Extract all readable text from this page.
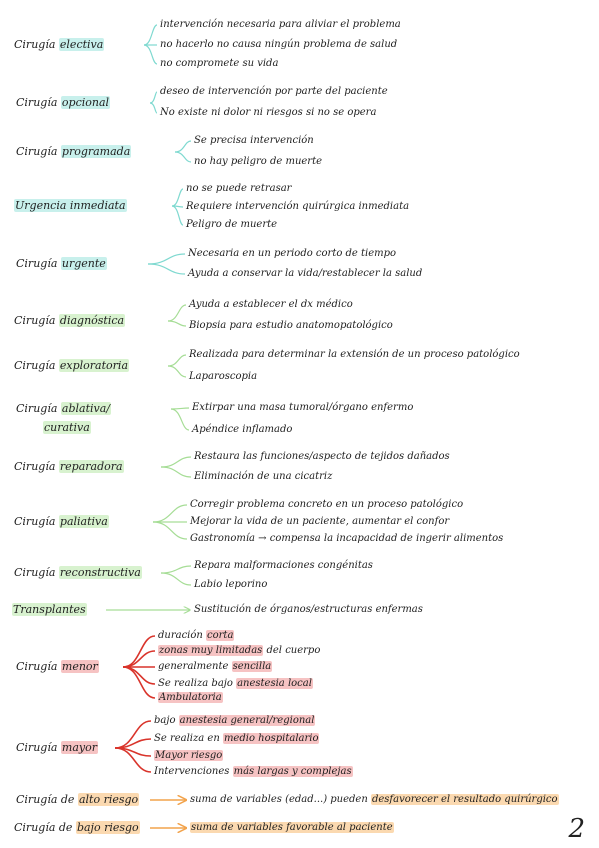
Cirugía electiva
intervención necesaria para aliviar el problema
no hacerlo no causa ningún problema de salud
no compromete su vida
Cirugía opcional
deseo de intervención por parte del paciente
No existe ni dolor ni riesgos si no se opera
Cirugía programada
Se precisa intervención
no hay peligro de muerte
Urgencia inmediata
no se puede retrasar
Requiere intervención quirúrgica inmediata
Peligro de muerte
Cirugía urgente
Necesaria en un periodo corto de tiempo
Ayuda a conservar la vida/restablecer la salud
Cirugía diagnóstica
Ayuda a establecer el dx médico
Biopsia para estudio anatomopatológico
Cirugía exploratoria
Realizada para determinar la extensión de un proceso patológico
Laparoscopia
Cirugía ablativa/
curativa
Extirpar una masa tumoral/órgano enfermo
Apéndice inflamado
Cirugía reparadora
Restaura las funciones/aspecto de tejidos dañados
Eliminación de una cicatriz
Cirugía paliativa
Corregir problema concreto en un proceso patológico
Mejorar la vida de un paciente, aumentar el confor
Gastronomía → compensa la incapacidad de ingerir alimentos
Cirugía reconstructiva
Repara malformaciones congénitas
Labio leporino
Transplantes	Sustitución de órganos/estructuras enfermas
Cirugía menor
duración corta
zonas muy limitadas del cuerpo
generalmente sencilla
Se realiza bajo anestesia local
Ambulatoria
Cirugía mayor
bajo anestesia general/regional
Se realiza en medio hospitalario
Mayor riesgo
Intervenciones más largas y complejas
Cirugía de alto riesgo	suma de variables (edad...) pueden desfavorecer el resultado quirúrgico
Cirugía de bajo riesgo	suma de variables favorable al paciente	2
